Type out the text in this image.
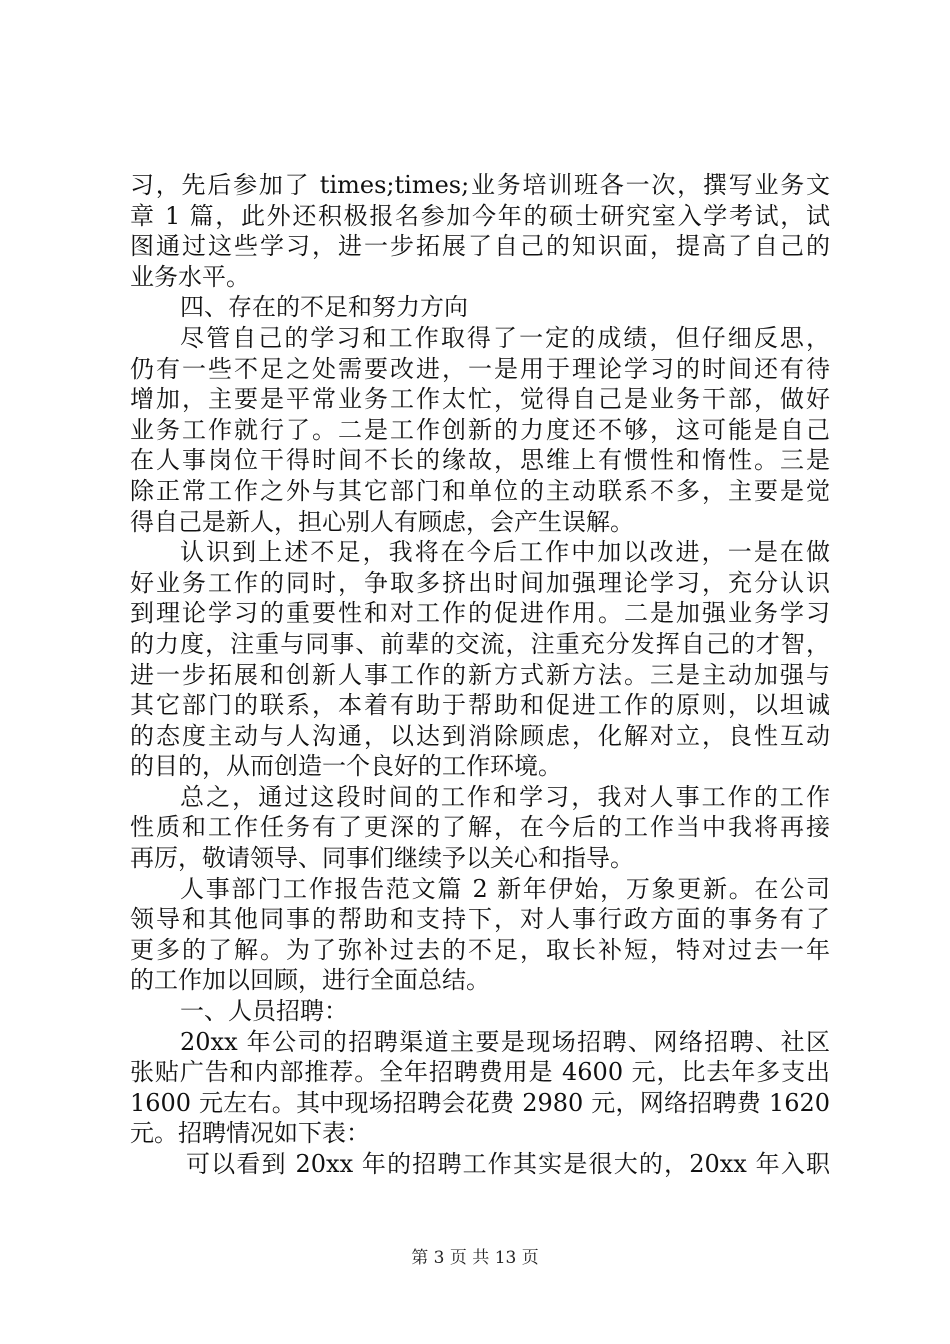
习，先后参加了 times;times;业务培训班各一次，撰写业务文
章 1 篇，此外还积极报名参加今年的硕士研究室入学考试，试
图通过这些学习，进一步拓展了自己的知识面，提高了自己的
业务水平。
四、存在的不足和努力方向
尽管自己的学习和工作取得了一定的成绩，但仔细反思，
仍有一些不足之处需要改进，一是用于理论学习的时间还有待
增加，主要是平常业务工作太忙，觉得自己是业务干部，做好
业务工作就行了。二是工作创新的力度还不够，这可能是自己
在人事岗位干得时间不长的缘故，思维上有惯性和惰性。三是
除正常工作之外与其它部门和单位的主动联系不多，主要是觉
得自己是新人，担心别人有顾虑，会产生误解。
认识到上述不足，我将在今后工作中加以改进，一是在做
好业务工作的同时，争取多挤出时间加强理论学习，充分认识
到理论学习的重要性和对工作的促进作用。二是加强业务学习
的力度，注重与同事、前辈的交流，注重充分发挥自己的才智，
进一步拓展和创新人事工作的新方式新方法。三是主动加强与
其它部门的联系，本着有助于帮助和促进工作的原则，以坦诚
的态度主动与人沟通，以达到消除顾虑，化解对立，良性互动
的目的，从而创造一个良好的工作环境。
总之，通过这段时间的工作和学习，我对人事工作的工作
性质和工作任务有了更深的了解，在今后的工作当中我将再接
再厉，敬请领导、同事们继续予以关心和指导。
人事部门工作报告范文篇 2 新年伊始，万象更新。在公司
领导和其他同事的帮助和支持下，对人事行政方面的事务有了
更多的了解。为了弥补过去的不足，取长补短，特对过去一年
的工作加以回顾，进行全面总结。
一、人员招聘：
20xx 年公司的招聘渠道主要是现场招聘、网络招聘、社区
张贴广告和内部推荐。全年招聘费用是 4600 元，比去年多支出
1600 元左右。其中现场招聘会花费 2980 元，网络招聘费 1620
元。招聘情况如下表：
可以看到 20xx 年的招聘工作其实是很大的，20xx 年入职
第 3 页 共 13 页
